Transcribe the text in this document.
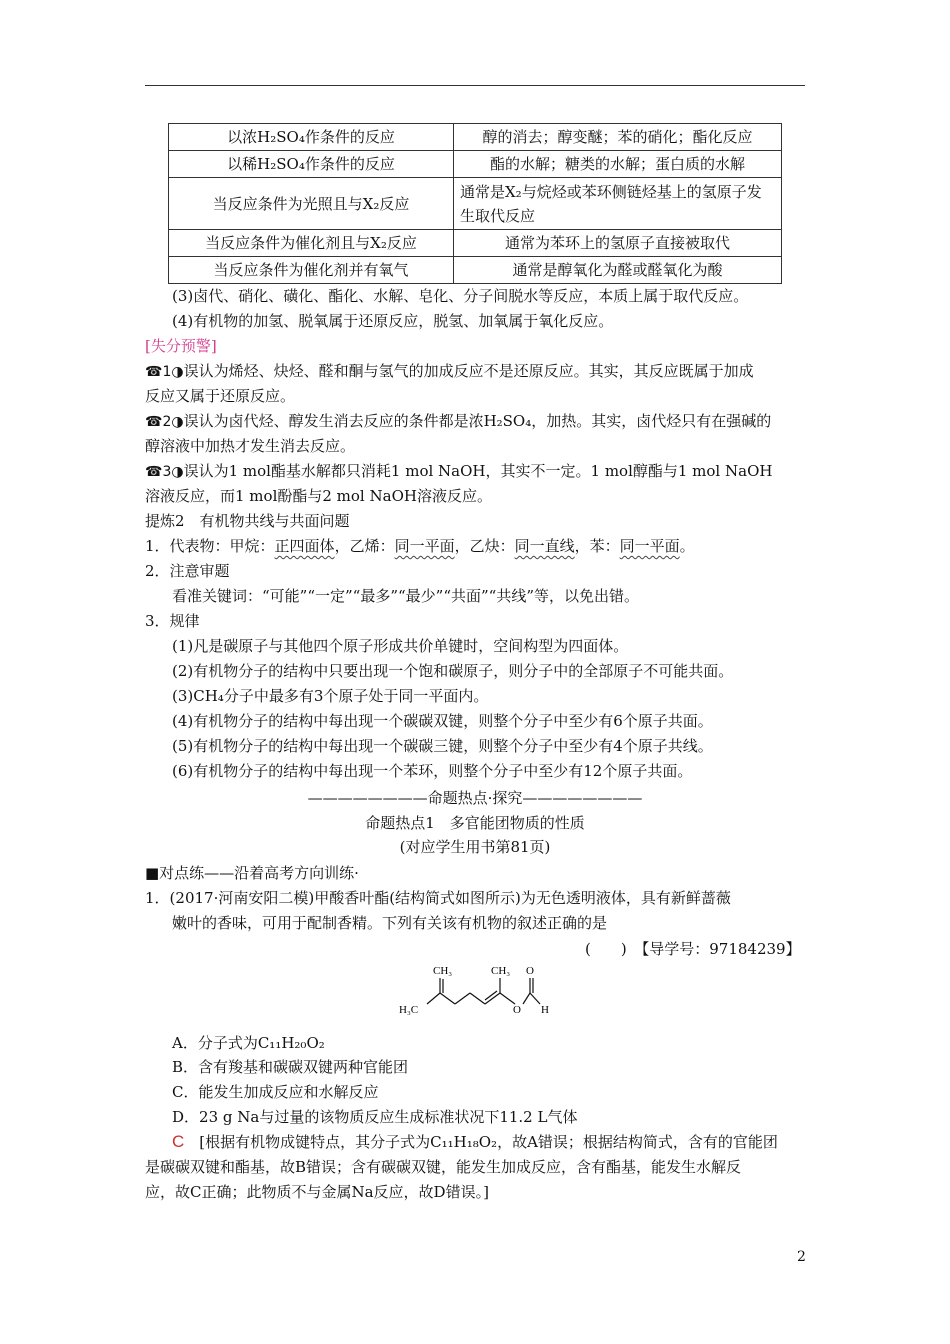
以浓H₂SO₄作条件的反应	醇的消去；醇变醚；苯的硝化；酯化反应
以稀H₂SO₄作条件的反应	酯的水解；糖类的水解；蛋白质的水解
当反应条件为光照且与X₂反应	通常是X₂与烷烃或苯环侧链烃基上的氢原子发生取代反应
当反应条件为催化剂且与X₂反应	通常为苯环上的氢原子直接被取代
当反应条件为催化剂并有氧气	通常是醇氧化为醛或醛氧化为酸
(3)卤代、硝化、磺化、酯化、水解、皂化、分子间脱水等反应，本质上属于取代反应。
(4)有机物的加氢、脱氧属于还原反应，脱氢、加氧属于氧化反应。
[失分预警]
☎1◑误认为烯烃、炔烃、醛和酮与氢气的加成反应不是还原反应。其实，其反应既属于加成
反应又属于还原反应。
☎2◑误认为卤代烃、醇发生消去反应的条件都是浓H₂SO₄，加热。其实，卤代烃只有在强碱的
醇溶液中加热才发生消去反应。
☎3◑误认为1 mol酯基水解都只消耗1 mol NaOH，其实不一定。1 mol醇酯与1 mol NaOH
溶液反应，而1 mol酚酯与2 mol NaOH溶液反应。
提炼2　有机物共线与共面问题
1．代表物：甲烷：正四面体，乙烯：同一平面，乙炔：同一直线，苯：同一平面。
2．注意审题
看准关键词：“可能”“一定”“最多”“最少”“共面”“共线”等，以免出错。
3．规律
(1)凡是碳原子与其他四个原子形成共价单键时，空间构型为四面体。
(2)有机物分子的结构中只要出现一个饱和碳原子，则分子中的全部原子不可能共面。
(3)CH₄分子中最多有3个原子处于同一平面内。
(4)有机物分子的结构中每出现一个碳碳双键，则整个分子中至少有6个原子共面。
(5)有机物分子的结构中每出现一个碳碳三键，则整个分子中至少有4个原子共线。
(6)有机物分子的结构中每出现一个苯环，则整个分子中至少有12个原子共面。
————————命题热点·探究————————
命题热点1　多官能团物质的性质
(对应学生用书第81页)
■对点练——沿着高考方向训练·
1．(2017·河南安阳二模)甲酸香叶酯(结构简式如图所示)为无色透明液体，具有新鲜蔷薇
嫩叶的香味，可用于配制香精。下列有关该有机物的叙述正确的是
(　　)　 【导学号：97184239】
CH₃	CH₃
H₃C
O
O H
A．分子式为C₁₁H₂₀O₂
B．含有羧基和碳碳双键两种官能团
C．能发生加成反应和水解反应
D．23 g Na与过量的该物质反应生成标准状况下11.2 L气体
C　 [根据有机物成键特点，其分子式为C₁₁H₁₈O₂，故A错误；根据结构简式，含有的官能团
是碳碳双键和酯基，故B错误；含有碳碳双键，能发生加成反应，含有酯基，能发生水解反
应，故C正确；此物质不与金属Na反应，故D错误。]
2
